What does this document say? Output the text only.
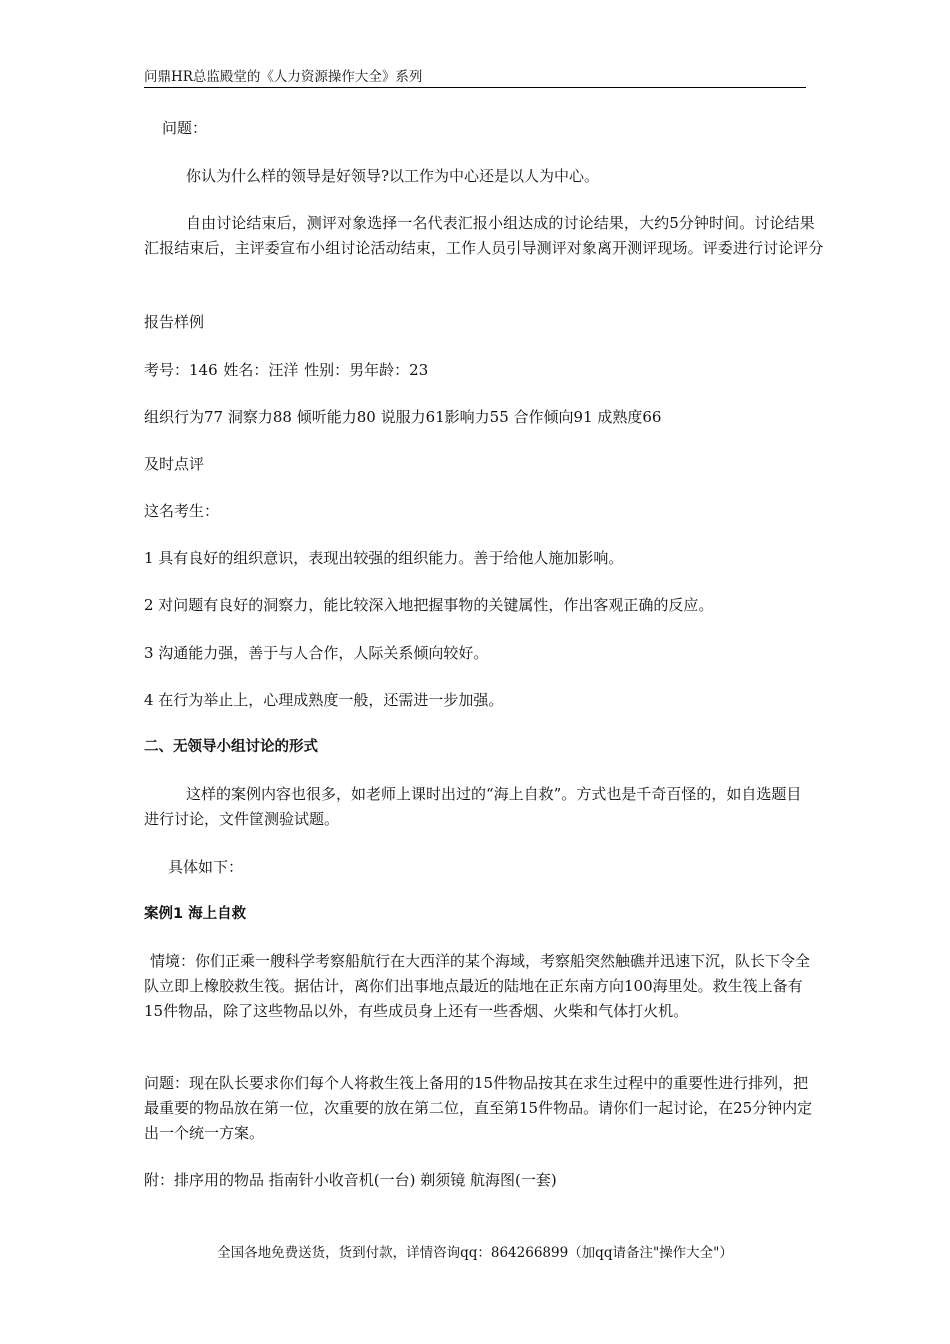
问鼎HR总监殿堂的《人力资源操作大全》系列

问题：

你认为什么样的领导是好领导?以工作为中心还是以人为中心。

自由讨论结束后，测评对象选择一名代表汇报小组达成的讨论结果，大约5分钟时间。讨论结果汇报结束后，主评委宣布小组讨论活动结束，工作人员引导测评对象离开测评现场。评委进行讨论评分

报告样例

考号：146 姓名：汪洋 性别：男年龄：23

组织行为77 洞察力88 倾听能力80 说服力61影响力55 合作倾向91 成熟度66

及时点评

这名考生：

1 具有良好的组织意识，表现出较强的组织能力。善于给他人施加影响。

2 对问题有良好的洞察力，能比较深入地把握事物的关键属性，作出客观正确的反应。

3 沟通能力强，善于与人合作，人际关系倾向较好。

4 在行为举止上，心理成熟度一般，还需进一步加强。

二、无领导小组讨论的形式

这样的案例内容也很多，如老师上课时出过的“海上自救”。方式也是千奇百怪的，如自选题目进行讨论，文件筐测验试题。

具体如下：

案例1 海上自救

情境：你们正乘一艘科学考察船航行在大西洋的某个海域，考察船突然触礁并迅速下沉，队长下令全队立即上橡胶救生筏。据估计，离你们出事地点最近的陆地在正东南方向100海里处。救生筏上备有15件物品，除了这些物品以外，有些成员身上还有一些香烟、火柴和气体打火机。

问题：现在队长要求你们每个人将救生筏上备用的15件物品按其在求生过程中的重要性进行排列，把最重要的物品放在第一位，次重要的放在第二位，直至第15件物品。请你们一起讨论，在25分钟内定出一个统一方案。

附：排序用的物品 指南针小收音机(一台) 剃须镜 航海图(一套)

全国各地免费送货，货到付款，详情咨询qq：864266899（加qq请备注"操作大全"）
